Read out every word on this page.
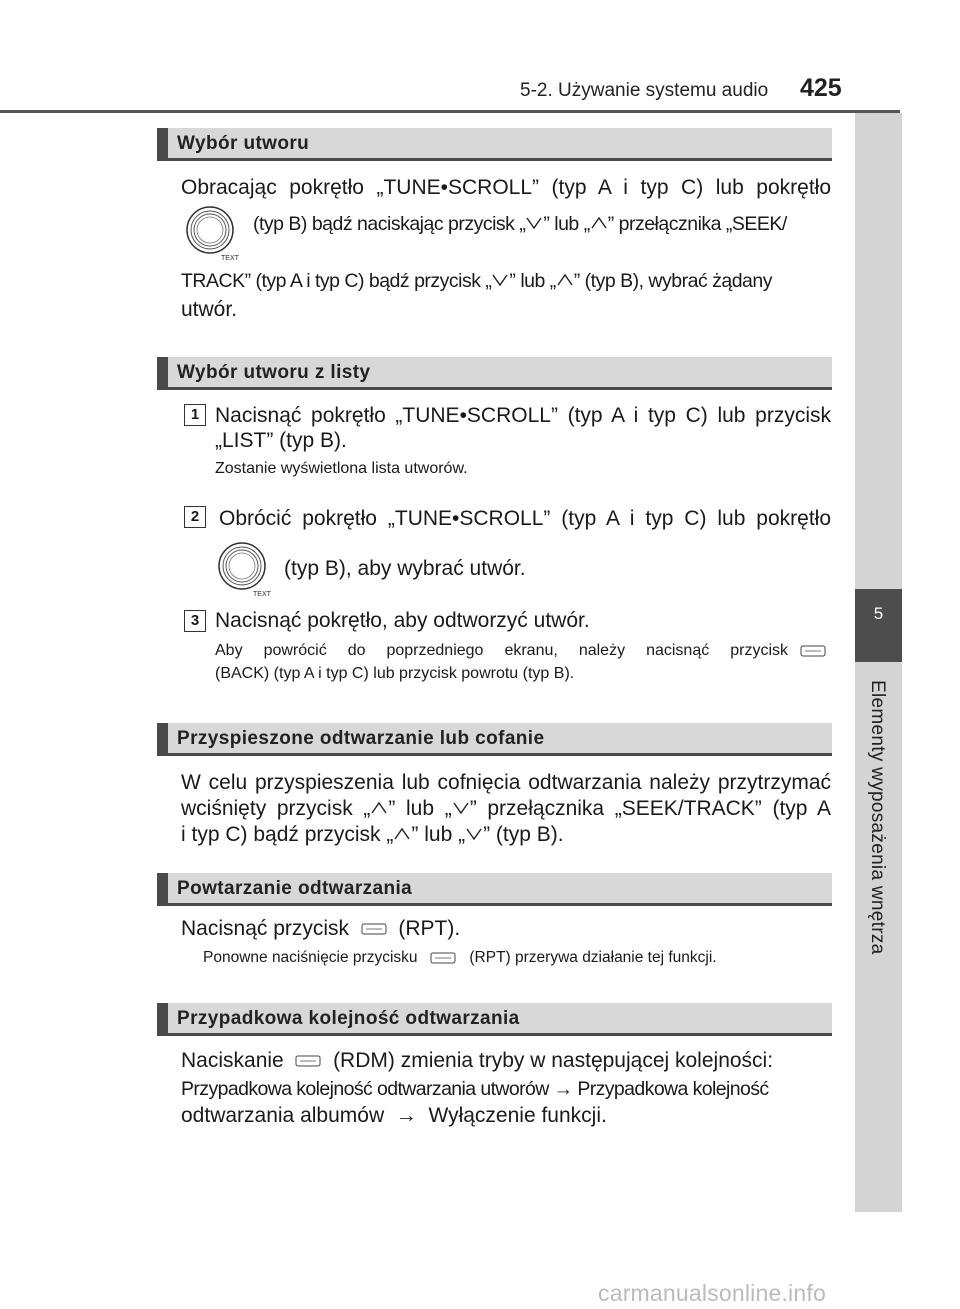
5-2. Używanie systemu audio 425
5
Elementy wyposażenia wnętrza
Wybór utworu
Obracając pokrętło „TUNE•SCROLL” (typ A i typ C) lub pokrętło
TEXT
(typ B) bądź naciskając przycisk „ ” lub „ ” przełącznika „SEEK/
TRACK” (typ A i typ C) bądź przycisk „ ” lub „ ” (typ B), wybrać żądany
utwór.
Wybór utworu z listy
1 Nacisnąć pokrętło „TUNE•SCROLL” (typ A i typ C) lub przycisk
„LIST” (typ B).
Zostanie wyświetlona lista utworów.
2 Obrócić pokrętło „TUNE•SCROLL” (typ A i typ C) lub pokrętło
TEXT
(typ B), aby wybrać utwór.
3 Nacisnąć pokrętło, aby odtworzyć utwór.
Aby powrócić do poprzedniego ekranu, należy nacisnąć przycisk
(BACK) (typ A i typ C) lub przycisk powrotu (typ B).
Przyspieszone odtwarzanie lub cofanie
W celu przyspieszenia lub cofnięcia odtwarzania należy przytrzymać
wciśnięty przycisk „ ” lub „ ” przełącznika „SEEK/TRACK” (typ A
i typ C) bądź przycisk „ ” lub „ ” (typ B).
Powtarzanie odtwarzania
Nacisnąć przycisk (RPT).
Ponowne naciśnięcie przycisku	(RPT) przerywa działanie tej funkcji.
Przypadkowa kolejność odtwarzania
Naciskanie (RDM) zmienia tryby w następującej kolejności:
Przypadkowa kolejność odtwarzania utworów → Przypadkowa kolejność
odtwarzania albumów → Wyłączenie funkcji.
carmanualsonline.info
